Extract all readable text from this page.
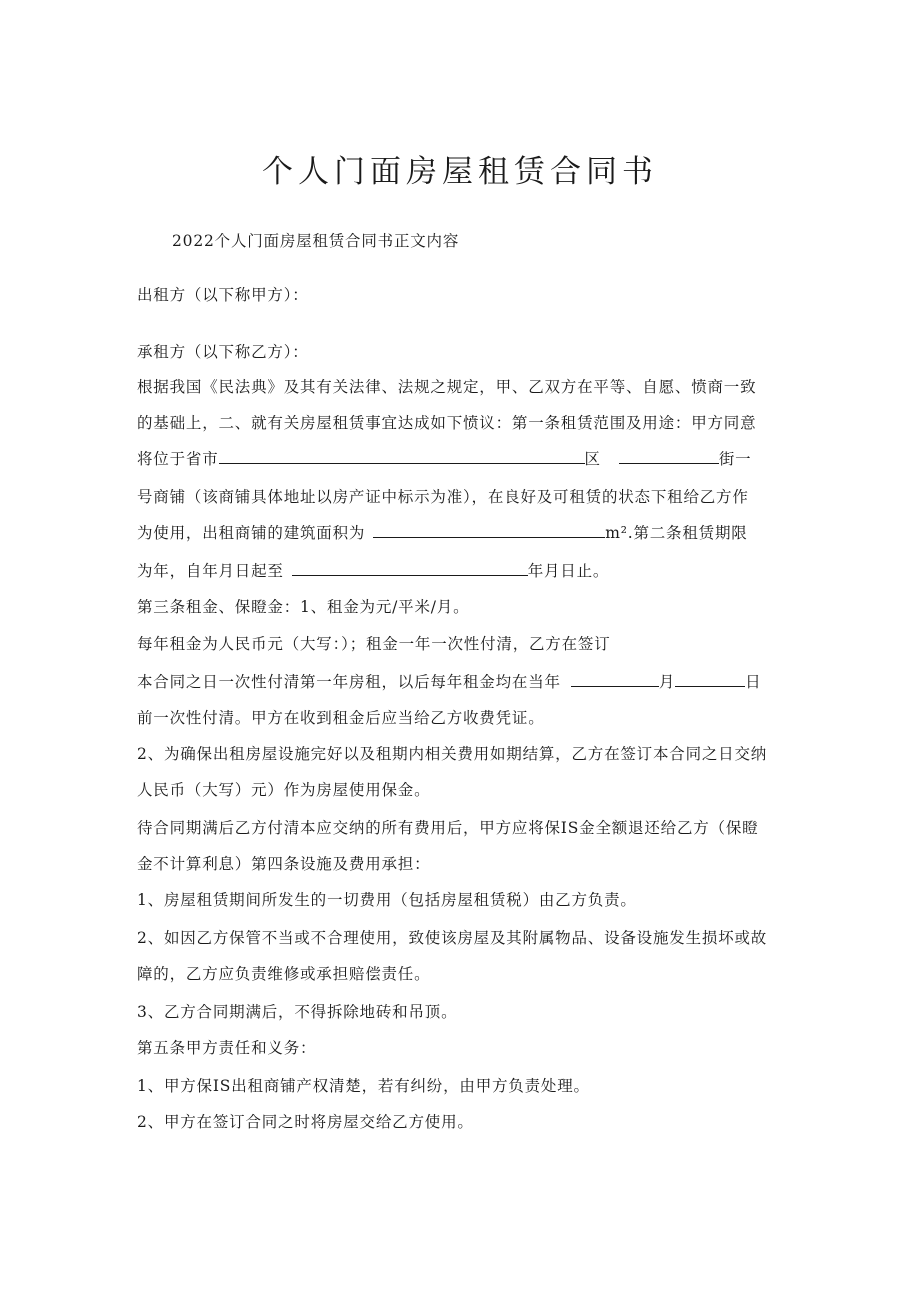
个人门面房屋租赁合同书
2022个人门面房屋租赁合同书正文内容
出租方（以下称甲方）：
承租方（以下称乙方）：
根据我国《民法典》及其有关法律、法规之规定，甲、乙双方在平等、自愿、愤商一致
的基础上，二、就有关房屋租赁事宜达成如下愤议：第一条租赁范围及用途：甲方同意
将位于省市	区	街一
号商铺（该商铺具体地址以房产证中标示为准），在良好及可租赁的状态下租给乙方作
为使用，出租商铺的建筑面积为	m².第二条租赁期限
为年，自年月日起至	年月日止。
第三条租金、保瞪金：1、租金为元/平米/月。
每年租金为人民币元（大写：）；租金一年一次性付清，乙方在签订
本合同之日一次性付清第一年房租，以后每年租金均在当年	月	日
前一次性付清。甲方在收到租金后应当给乙方收费凭证。
2、为确保出租房屋设施完好以及租期内相关费用如期结算，乙方在签订本合同之日交纳
人民币（大写）元）作为房屋使用保金。
待合同期满后乙方付清本应交纳的所有费用后，甲方应将保IS金全额退还给乙方（保瞪
金不计算利息）第四条设施及费用承担：
1、房屋租赁期间所发生的一切费用（包括房屋租赁税）由乙方负责。
2、如因乙方保管不当或不合理使用，致使该房屋及其附属物品、设备设施发生损坏或故
障的，乙方应负责维修或承担赔偿责任。
3、乙方合同期满后，不得拆除地砖和吊顶。
第五条甲方责任和义务：
1、甲方保IS出租商铺产权清楚，若有纠纷，由甲方负责处理。
2、甲方在签订合同之时将房屋交给乙方使用。
